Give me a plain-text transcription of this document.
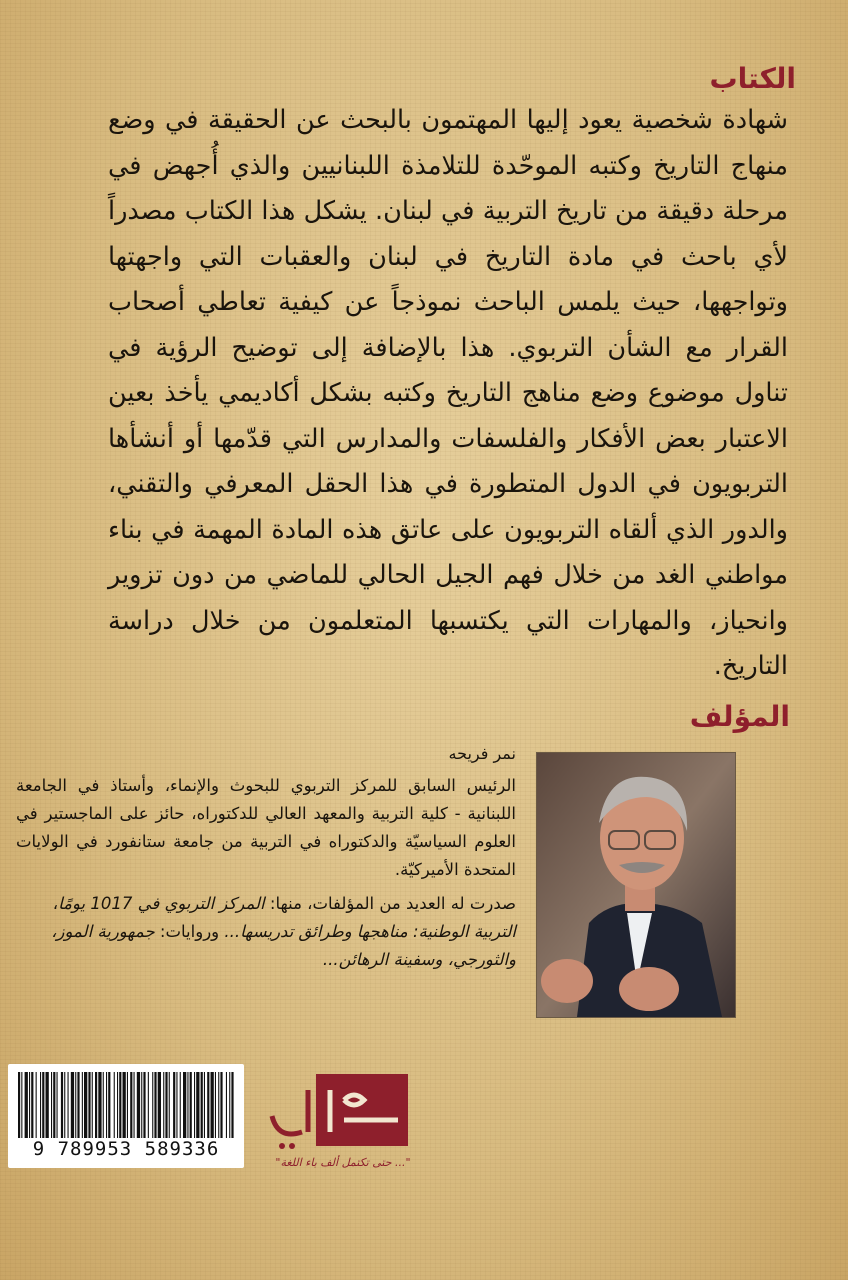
الكتاب
شهادة شخصية يعود إليها المهتمون بالبحث عن الحقيقة في وضع منهاج التاريخ وكتبه الموحّدة للتلامذة اللبنانيين والذي أُجهض في مرحلة دقيقة من تاريخ التربية في لبنان. يشكل هذا الكتاب مصدراً لأي باحث في مادة التاريخ في لبنان والعقبات التي واجهتها وتواجهها، حيث يلمس الباحث نموذجاً عن كيفية تعاطي أصحاب القرار مع الشأن التربوي. هذا بالإضافة إلى توضيح الرؤية في تناول موضوع وضع مناهج التاريخ وكتبه بشكل أكاديمي يأخذ بعين الاعتبار بعض الأفكار والفلسفات والمدارس التي قدّمها أو أنشأها التربويون في الدول المتطورة في هذا الحقل المعرفي والتقني، والدور الذي ألقاه التربويون على عاتق هذه المادة المهمة في بناء مواطني الغد من خلال فهم الجيل الحالي للماضي من دون تزوير وانحياز، والمهارات التي يكتسبها المتعلمون من خلال دراسة التاريخ.
المؤلف

نمر فريحه

الرئيس السابق للمركز التربوي للبحوث والإنماء، وأستاذ في الجامعة اللبنانية - كلية التربية والمعهد العالي للدكتوراه، حائز على الماجستير في العلوم السياسيّة والدكتوراه في التربية من جامعة ستانفورد في الولايات المتحدة الأميركيّة.

صدرت له العديد من المؤلفات، منها: المركز التربوي في 1017 يومًا، التربية الوطنية: مناهجها وطرائق تدريسها... وروايات: جمهورية الموز، والثورجي، وسفينة الرهائن...

9 789953 589336
"... حتى تكتمل ألف باء اللغة"
